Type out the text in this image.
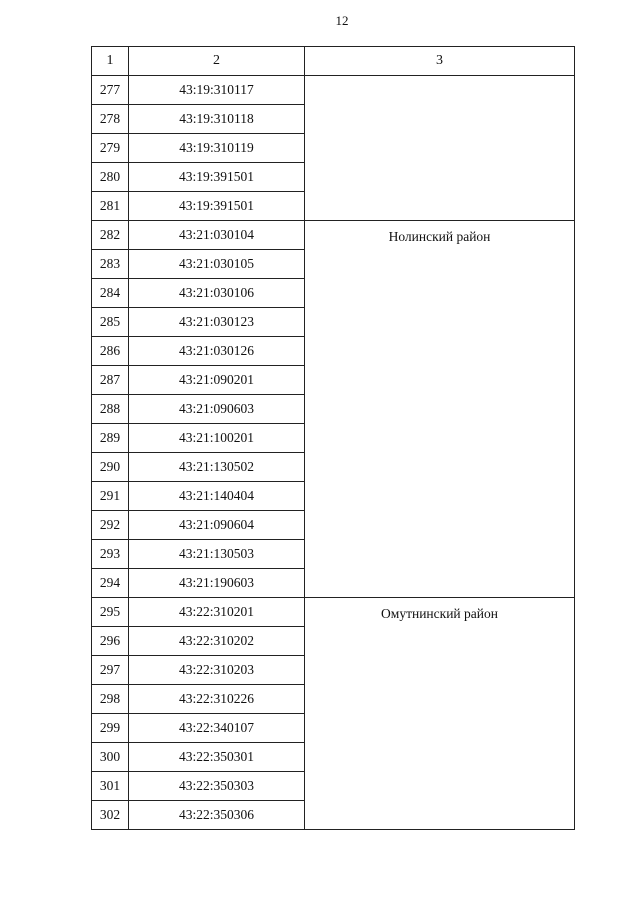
12
1	2	3
277	43:19:310117	
278	43:19:310118	
279	43:19:310119	
280	43:19:391501	
281	43:19:391501	
282	43:21:030104	Нолинский район
283	43:21:030105	
284	43:21:030106	
285	43:21:030123	
286	43:21:030126	
287	43:21:090201	
288	43:21:090603	
289	43:21:100201	
290	43:21:130502	
291	43:21:140404	
292	43:21:090604	
293	43:21:130503	
294	43:21:190603	
295	43:22:310201	Омутнинский район
296	43:22:310202	
297	43:22:310203	
298	43:22:310226	
299	43:22:340107	
300	43:22:350301	
301	43:22:350303	
302	43:22:350306	
